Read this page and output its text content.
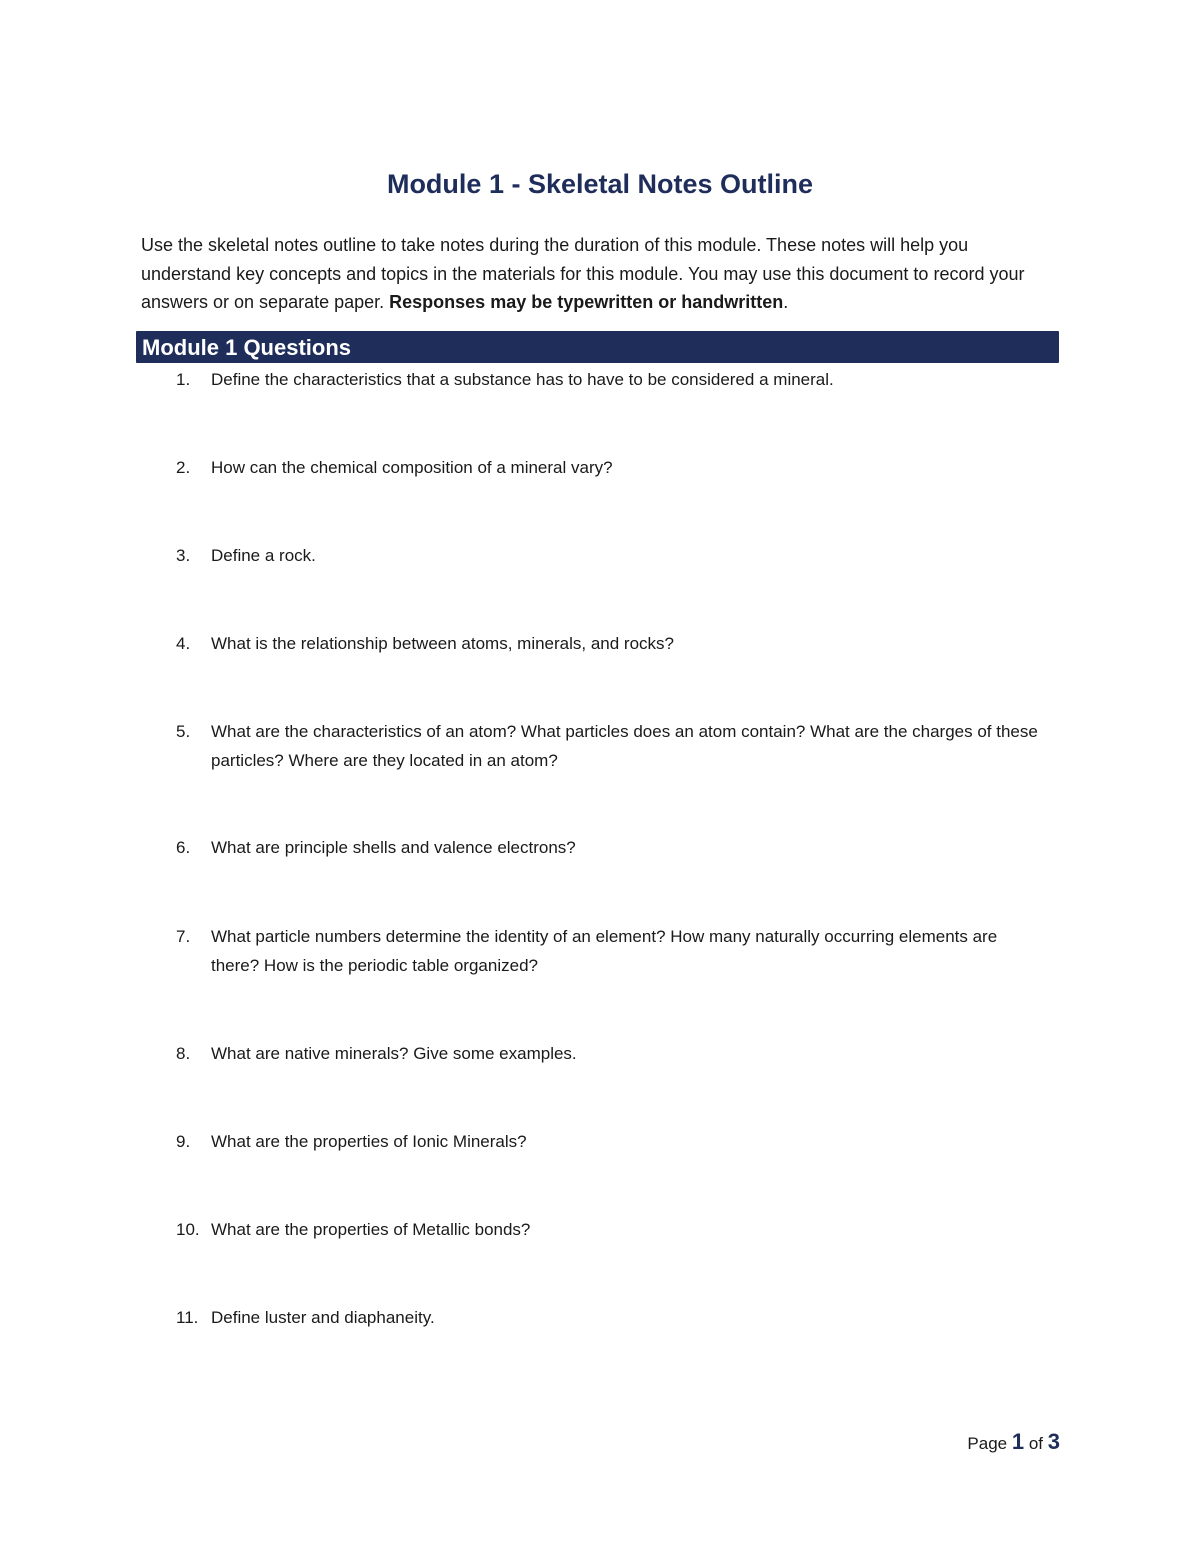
Module 1 - Skeletal Notes Outline

Use the skeletal notes outline to take notes during the duration of this module. These notes will help you understand key concepts and topics in the materials for this module. You may use this document to record your answers or on separate paper. Responses may be typewritten or handwritten.

Module 1 Questions
1.	Define the characteristics that a substance has to have to be considered a mineral.
2.	How can the chemical composition of a mineral vary?
3.	Define a rock.
4.	What is the relationship between atoms, minerals, and rocks?
5.	What are the characteristics of an atom? What particles does an atom contain? What are the charges of these particles? Where are they located in an atom?
6.	What are principle shells and valence electrons?
7.	What particle numbers determine the identity of an element? How many naturally occurring elements are there? How is the periodic table organized?
8.	What are native minerals? Give some examples.
9.	What are the properties of Ionic Minerals?
10. What are the properties of Metallic bonds?
11. Define luster and diaphaneity.
Page 1 of 3
